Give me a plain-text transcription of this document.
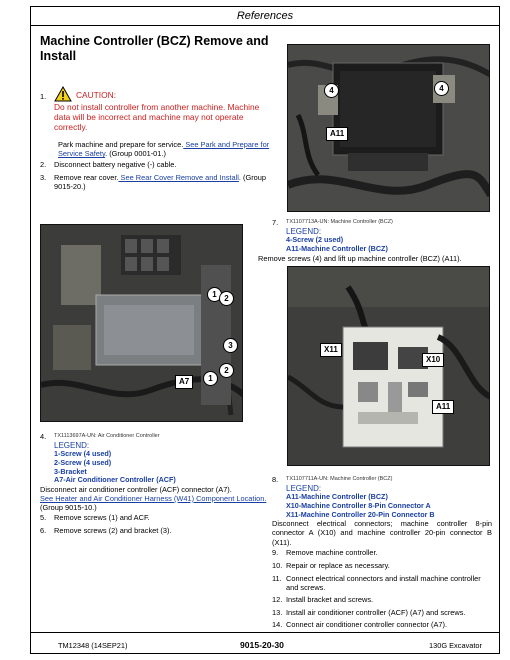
References
Machine Controller (BCZ) Remove and Install
1.	CAUTION:
Do not install controller from another machine. Machine data will be incorrect and machine may not operate correctly.
Park machine and prepare for service. See Park and Prepare for Service Safety. (Group 0001-01.)
2. Disconnect battery negative (-) cable.
3. Remove rear cover. See Rear Cover Remove and Install. (Group 9015-20.)
4	4
A11
7. TX1107713A-UN: Machine Controller (BCZ)
LEGEND:
4-Screw (2 used)
A11-Machine Controller (BCZ)
Remove screws (4) and lift up machine controller (BCZ) (A11).
1 2
3
1
2
A7
X11
X10
A11
4. TX1113697A-UN: Air Conditioner Controller
LEGEND:
1-Screw (4 used)
2-Screw (4 used)
3-Bracket
A7-Air Conditioner Controller (ACF)
Disconnect air conditioner controller (ACF) connector (A7).
See Heater and Air Conditioner Harness (W41) Component Location. (Group 9015-10.)
5. Remove screws (1) and ACF.
6. Remove screws (2) and bracket (3).
8. TX1107711A-UN: Machine Controller (BCZ)
LEGEND:
A11-Machine Controller (BCZ)
X10-Machine Controller 8-Pin Connector A
X11-Machine Controller 20-Pin Connector B
Disconnect electrical connectors; machine controller 8-pin connector A (X10) and machine controller 20-pin connector B (X11).
9. Remove machine controller.
10. Repair or replace as necessary.
11. Connect electrical connectors and install machine controller and screws.
12. Install bracket and screws.
13. Install air conditioner controller (ACF) (A7) and screws.
14. Connect air conditioner controller connector (A7).
TM12348 (14SEP21)	9015-20-30	130G Excavator
